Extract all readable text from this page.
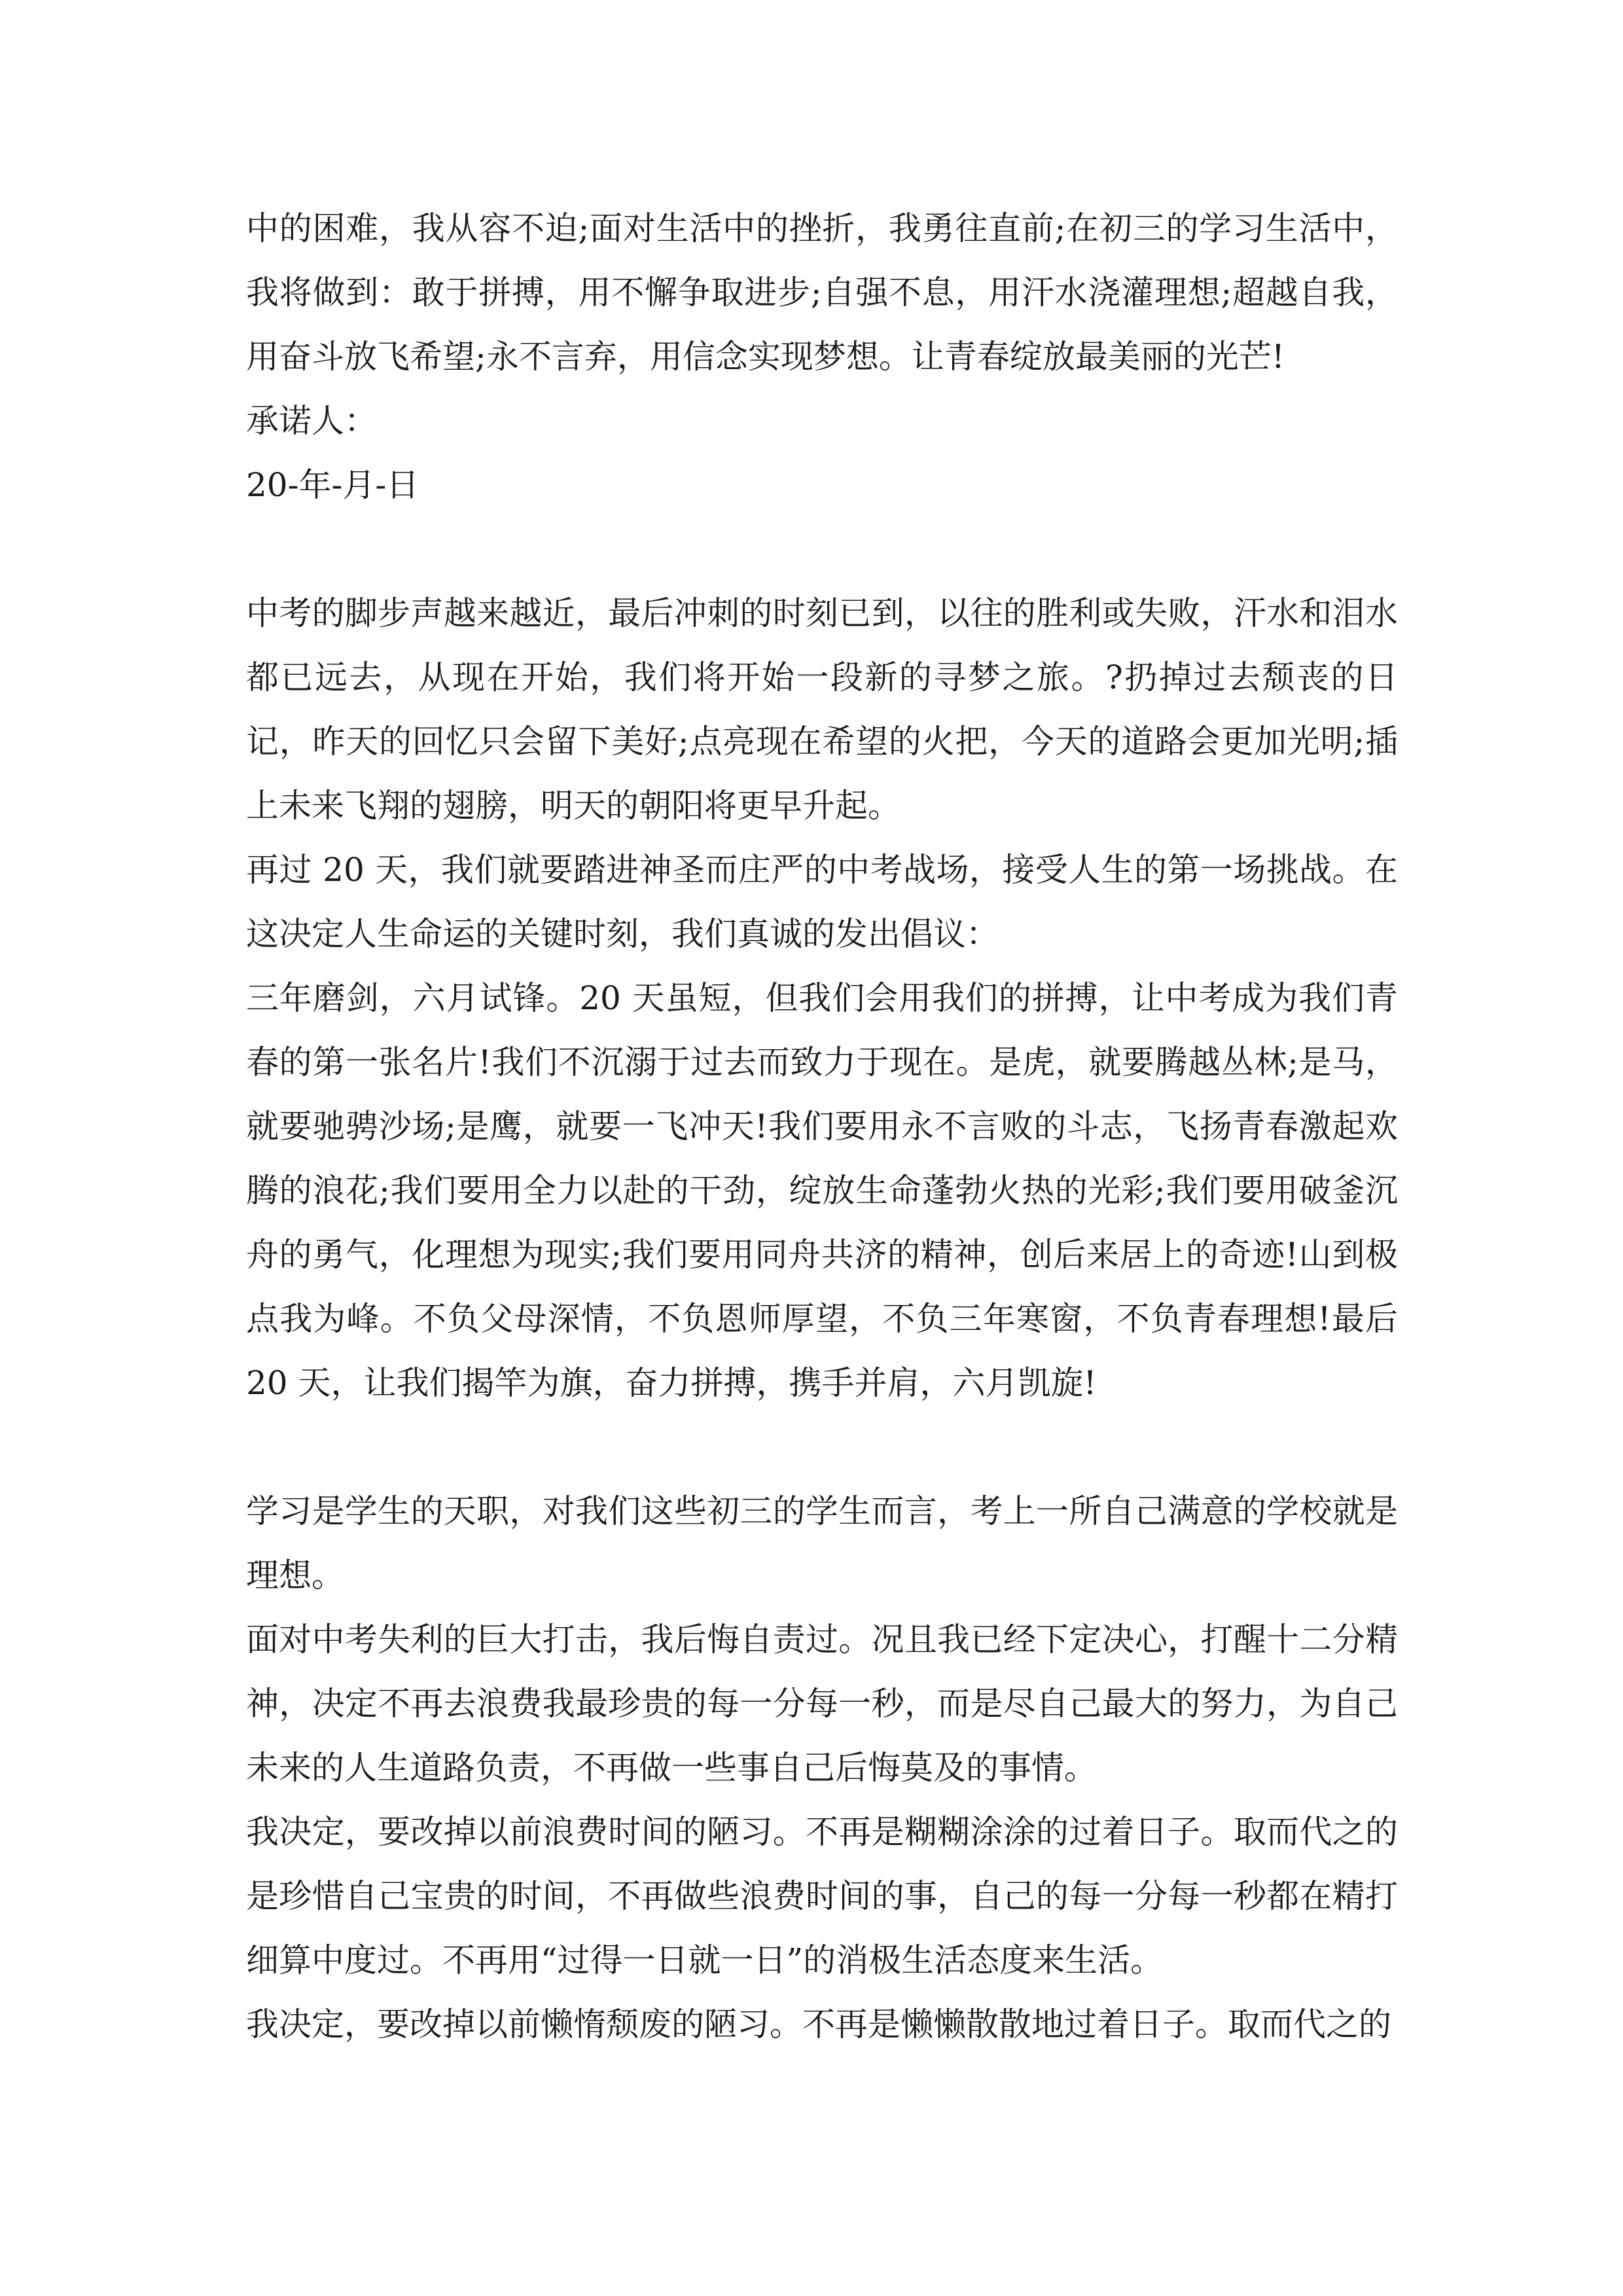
中的困难，我从容不迫;面对生活中的挫折，我勇往直前;在初三的学习生活中，我将做到：敢于拼搏，用不懈争取进步;自强不息，用汗水浇灌理想;超越自我，用奋斗放飞希望;永不言弃，用信念实现梦想。让青春绽放最美丽的光芒!
承诺人：
20-年-月-日
中考的脚步声越来越近，最后冲刺的时刻已到，以往的胜利或失败，汗水和泪水都已远去，从现在开始，我们将开始一段新的寻梦之旅。?扔掉过去颓丧的日记，昨天的回忆只会留下美好;点亮现在希望的火把，今天的道路会更加光明;插上未来飞翔的翅膀，明天的朝阳将更早升起。
再过 20 天，我们就要踏进神圣而庄严的中考战场，接受人生的第一场挑战。在这决定人生命运的关键时刻，我们真诚的发出倡议：
三年磨剑，六月试锋。20 天虽短，但我们会用我们的拼搏，让中考成为我们青春的第一张名片!我们不沉溺于过去而致力于现在。是虎，就要腾越丛林;是马，就要驰骋沙场;是鹰，就要一飞冲天!我们要用永不言败的斗志，飞扬青春激起欢腾的浪花;我们要用全力以赴的干劲，绽放生命蓬勃火热的光彩;我们要用破釜沉舟的勇气，化理想为现实;我们要用同舟共济的精神，创后来居上的奇迹!山到极点我为峰。不负父母深情，不负恩师厚望，不负三年寒窗，不负青春理想!最后 20 天，让我们揭竿为旗，奋力拼搏，携手并肩，六月凯旋!
学习是学生的天职，对我们这些初三的学生而言，考上一所自己满意的学校就是理想。
面对中考失利的巨大打击，我后悔自责过。况且我已经下定决心，打醒十二分精神，决定不再去浪费我最珍贵的每一分每一秒，而是尽自己最大的努力，为自己未来的人生道路负责，不再做一些事自己后悔莫及的事情。
我决定，要改掉以前浪费时间的陋习。不再是糊糊涂涂的过着日子。取而代之的是珍惜自己宝贵的时间，不再做些浪费时间的事，自己的每一分每一秒都在精打细算中度过。不再用“过得一日就一日”的消极生活态度来生活。
我决定，要改掉以前懒惰颓废的陋习。不再是懒懒散散地过着日子。取而代之的
